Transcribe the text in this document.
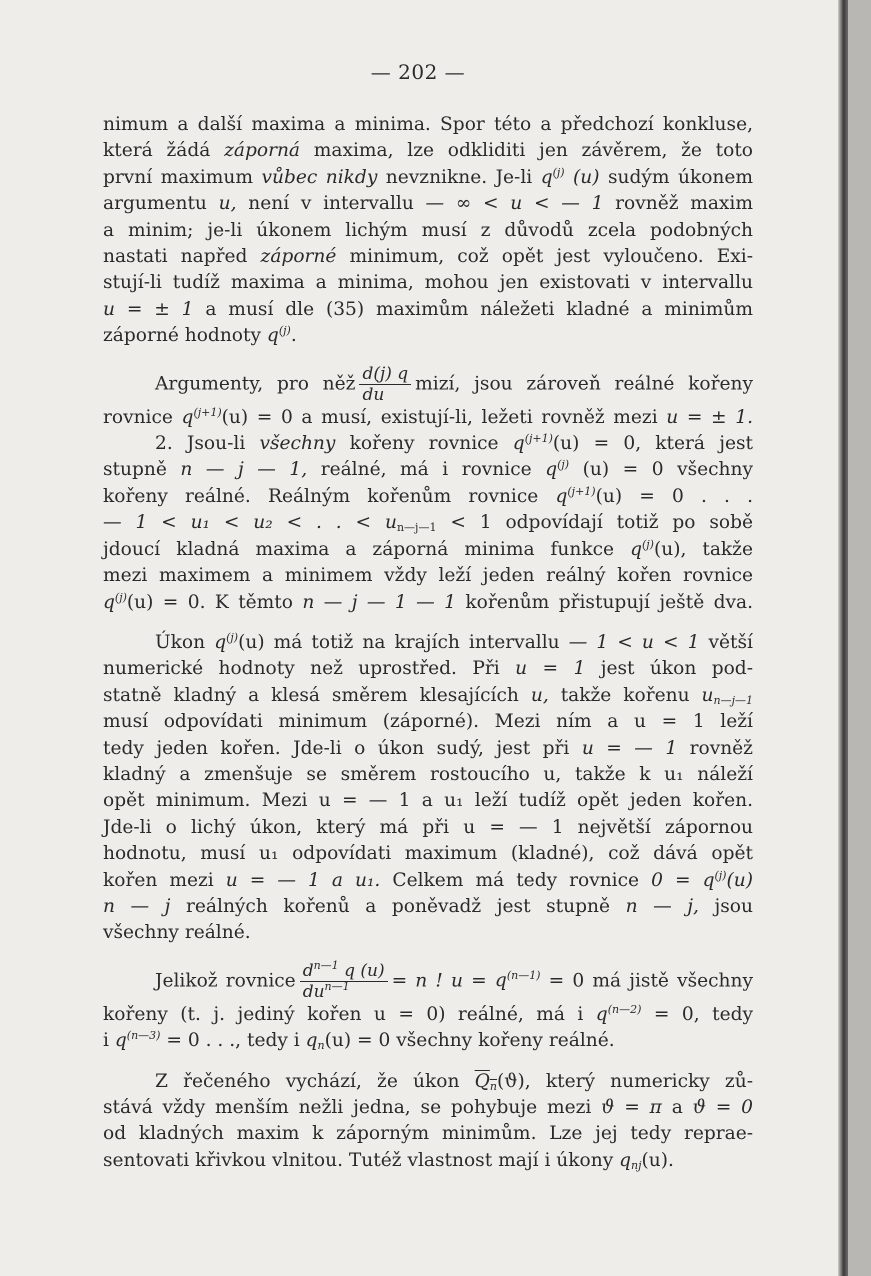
— 202 —

nimum a další maxima a minima. Spor této a předchozí konkluse,
která žádá záporná maxima, lze odkliditi jen závěrem, že toto
první maximum vůbec nikdy nevznikne. Je-li $q^{(j)}$ (u) sudým úkonem
argumentu u, není v intervallu — ∞ < u < — 1 rovněž maxim
a minim; je-li úkonem lichým musí z důvodů zcela podobných
nastati napřed záporné minimum, což opět jest vyloučeno. Exi-
stují-li tudíž maxima a minima, mohou jen existovati v intervallu
u = ± 1 a musí dle (35) maximům náležeti kladné a minimům
záporné hodnoty $q^{(j)}$.

Argumenty, pro něž $\frac{d(j) q}{du}$ mizí, jsou zároveň reálné kořeny
rovnice $q^{(j+1)}(u) = 0$ a musí, existují-li, ležeti rovněž mezi u = ± 1.

2. Jsou-li všechny kořeny rovnice $q^{(j+1)}(u) = 0$, která jest
stupně n — j — 1, reálné, má i rovnice $q^{(j)}$ (u) = 0 všechny
kořeny reálné. Reálným kořenům rovnice $q^{(j+1)}(u) = 0$ . . .
— 1 < u₁ < u₂ < . . < $u_{n—j—1} < 1$ odpovídají totiž po sobě
jdoucí kladná maxima a záporná minima funkce $q^{(j)}(u)$, takže
mezi maximem a minimem vždy leží jeden reálný kořen rovnice
$q^{(j)}(u) = 0$. K těmto n — j — 1 — 1 kořenům přistupují ještě dva.

Úkon $q^{(j)}(u)$ má totiž na krajích intervallu — 1 < u < 1 větší
numerické hodnoty než uprostřed. Při u = 1 jest úkon pod-
statně kladný a klesá směrem klesajících u, takže kořenu $u_{n—j—1}$
musí odpovídati minimum (záporné). Mezi ním a u = 1 leží
tedy jeden kořen. Jde-li o úkon sudý, jest při u = — 1 rovněž
kladný a zmenšuje se směrem rostoucího u, takže k u₁ náleží
opět minimum. Mezi u = — 1 a u₁ leží tudíž opět jeden kořen.
Jde-li o lichý úkon, který má při u = — 1 největší zápornou
hodnotu, musí u₁ odpovídati maximum (kladné), což dává opět
kořen mezi u = — 1 a u₁. Celkem má tedy rovnice $0 = q^{(j)}(u)$
n — j reálných kořenů a poněvadž jest stupně n — j, jsou
všechny reálné.

Jelikož rovnice $\frac{d^{n—1} q (u)}{du^{n—1}} = n$ ! $u = q^{(n—1)} = 0$ má jistě všechny
kořeny (t. j. jediný kořen u = 0) reálné, má i $q^{(n—2)} = 0$, tedy
i $q^{(n—3)} = 0$ . . ., tedy i $q_n(u) = 0$ všechny kořeny reálné.

Z řečeného vychází, že úkon $Q_n(ϑ)$, který numericky zů-
stává vždy menším nežli jedna, se pohybuje mezi ϑ = π a ϑ = 0
od kladných maxim k záporným minimům. Lze jej tedy reprae-
sentovati křivkou vlnitou. Tutéž vlastnost mají i úkony $q_{nj}(u)$.
